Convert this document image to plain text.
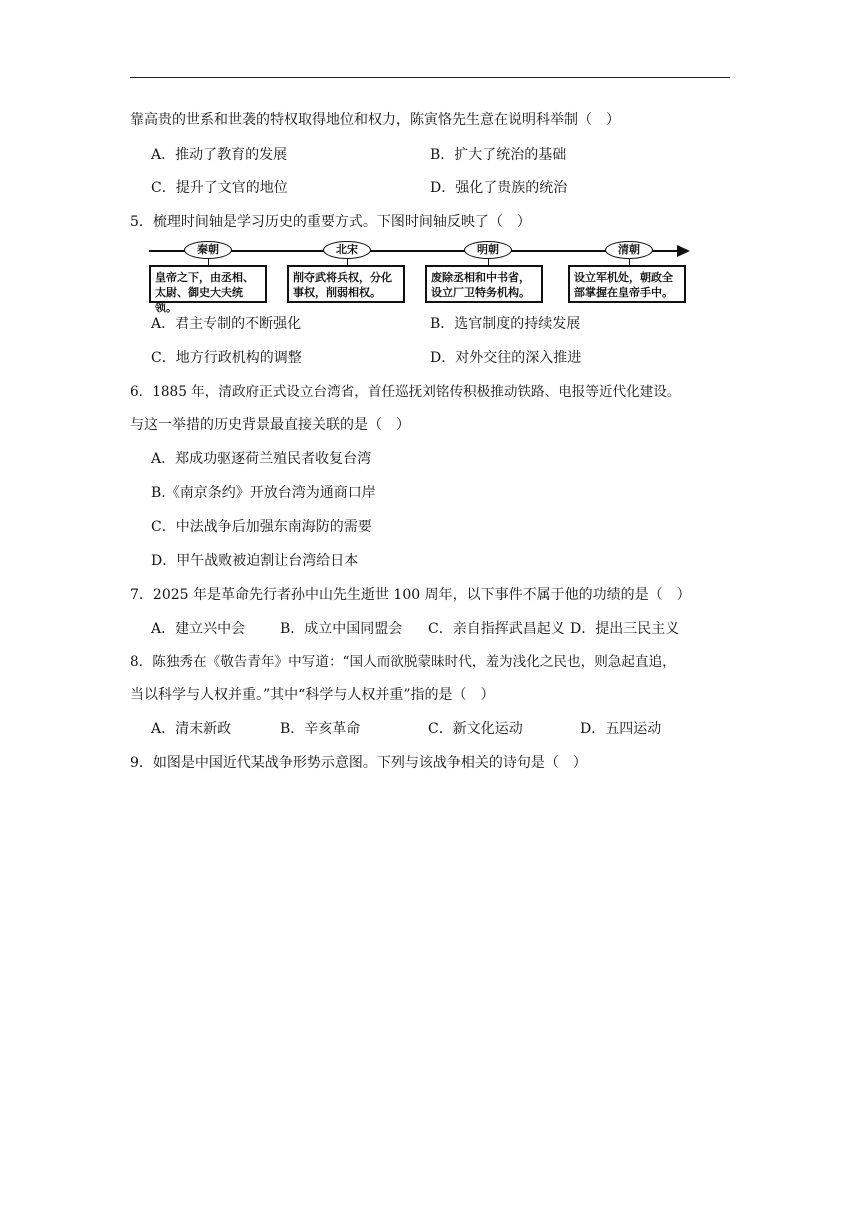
靠高贵的世系和世袭的特权取得地位和权力，陈寅恪先生意在说明科举制（　）
A．推动了教育的发展	B．扩大了统治的基础
C．提升了文官的地位	D．强化了贵族的统治
5．梳理时间轴是学习历史的重要方式。下图时间轴反映了（　）
秦朝
皇帝之下，由丞相、太尉、御史大夫统领。
北宋
削夺武将兵权，分化事权，削弱相权。
明朝
废除丞相和中书省，设立厂卫特务机构。
清朝
设立军机处，朝政全部掌握在皇帝手中。
A．君主专制的不断强化	B．选官制度的持续发展
C．地方行政机构的调整	D．对外交往的深入推进
6．1885 年，清政府正式设立台湾省，首任巡抚刘铭传积极推动铁路、电报等近代化建设。
与这一举措的历史背景最直接关联的是（　）
A．郑成功驱逐荷兰殖民者收复台湾
B.《南京条约》开放台湾为通商口岸
C．中法战争后加强东南海防的需要
D．甲午战败被迫割让台湾给日本
7．2025 年是革命先行者孙中山先生逝世 100 周年，以下事件不属于他的功绩的是（　）
A．建立兴中会 B．成立中国同盟会 C．亲自指挥武昌起义 D．提出三民主义
8．陈独秀在《敬告青年》中写道：“国人而欲脱蒙昧时代，羞为浅化之民也，则急起直追，
当以科学与人权并重。”其中“科学与人权并重”指的是（　）
A．清末新政	B．辛亥革命	C．新文化运动	D．五四运动
9．如图是中国近代某战争形势示意图。下列与该战争相关的诗句是（　）
